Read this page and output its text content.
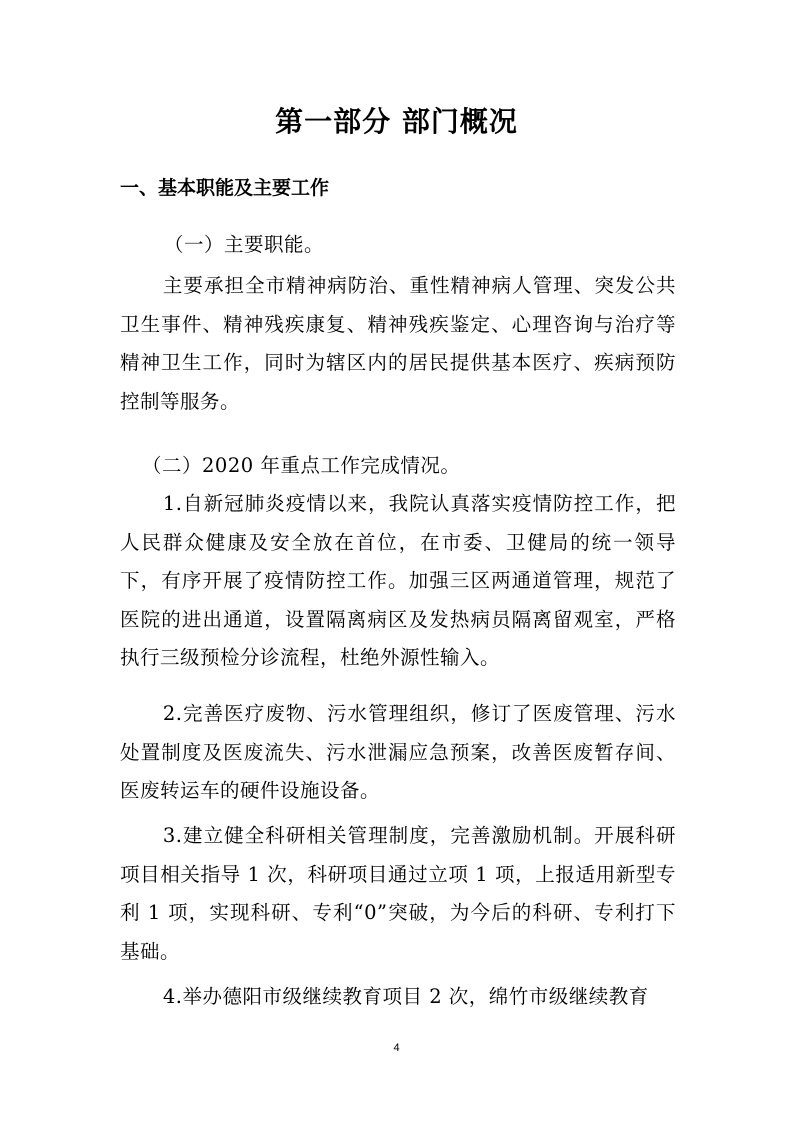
第一部分 部门概况
一、基本职能及主要工作

（一）主要职能。

主要承担全市精神病防治、重性精神病人管理、突发公共卫生事件、精神残疾康复、精神残疾鉴定、心理咨询与治疗等精神卫生工作，同时为辖区内的居民提供基本医疗、疾病预防控制等服务。

（二）2020 年重点工作完成情况。

1.自新冠肺炎疫情以来，我院认真落实疫情防控工作，把人民群众健康及安全放在首位，在市委、卫健局的统一领导下，有序开展了疫情防控工作。加强三区两通道管理，规范了医院的进出通道，设置隔离病区及发热病员隔离留观室，严格执行三级预检分诊流程，杜绝外源性输入。

2.完善医疗废物、污水管理组织，修订了医废管理、污水处置制度及医废流失、污水泄漏应急预案，改善医废暂存间、医废转运车的硬件设施设备。

3.建立健全科研相关管理制度，完善激励机制。开展科研项目相关指导 1 次，科研项目通过立项 1 项，上报适用新型专利 1 项，实现科研、专利“0”突破，为今后的科研、专利打下基础。

4.举办德阳市级继续教育项目 2 次，绵竹市级继续教育

4
